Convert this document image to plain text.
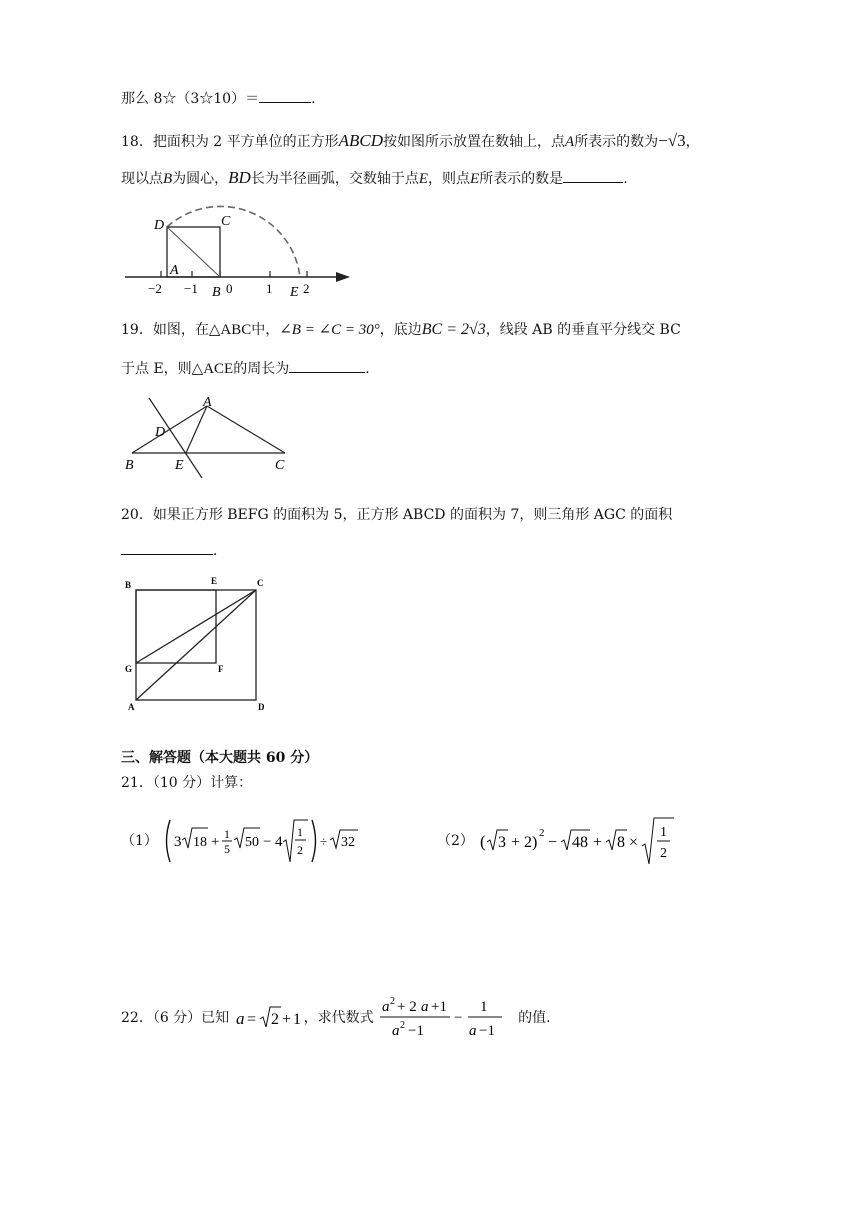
那么 8☆（3☆10）＝	.
18．把面积为 2 平方单位的正方形ABCD按如图所示放置在数轴上，点A所表示的数为−√3，
现以点B为圆心，BD长为半径画弧，交数轴于点E，则点E所表示的数是	.
D	C
A
B	E
−2 −1 0	1 2
19．如图，在△ABC中，∠B = ∠C = 30°，底边BC = 2√3，线段 AB 的垂直平分线交 BC
于点 E，则△ACE的周长为	.
A
D
B	E	C
20．如果正方形 BEFG 的面积为 5，正方形 ABCD 的面积为 7，则三角形 AGC 的面积
.
B	E	C
G	F
A	D
三、解答题（本大题共 60 分）
21．（10 分）计算：
（1） 3 18 + 1
5 50 − 4
1
2
÷ 32	（2） ( 3 + 2)
2
− 48 + 8 ×
1
2
22．（6 分）已知 a = 2 + 1 ，求代数式
a 2 + 2 a +1
a 2 −1
−
1
a −1
的值.
